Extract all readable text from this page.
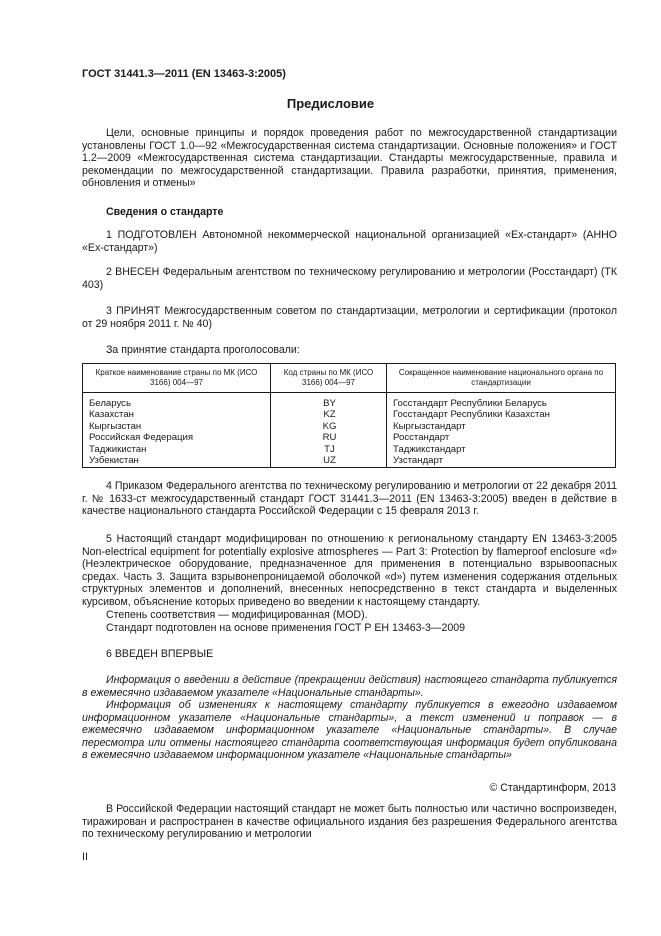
ГОСТ 31441.3—2011 (EN 13463-3:2005)
Предисловие
Цели, основные принципы и порядок проведения работ по межгосударственной стандартизации установлены ГОСТ 1.0—92 «Межгосударственная система стандартизации. Основные положения» и ГОСТ 1.2—2009 «Межгосударственная система стандартизации. Стандарты межгосударственные, правила и рекомендации по межгосударственной стандартизации. Правила разработки, принятия, применения, обновления и отмены»
Сведения о стандарте
1 ПОДГОТОВЛЕН Автономной некоммерческой национальной организацией «Ех-стандарт» (АННО «Ех-стандарт»)
2 ВНЕСЕН Федеральным агентством по техническому регулированию и метрологии (Росстандарт) (ТК 403)
3 ПРИНЯТ Межгосударственным советом по стандартизации, метрологии и сертификации (протокол от 29 ноября 2011 г. № 40)
За принятие стандарта проголосовали:
Краткое наименование страны по МК (ИСО 3166) 004—97	Код страны по МК (ИСО 3166) 004—97	Сокращенное наименование национального органа по стандартизации
Беларусь	BY	Госстандарт Республики Беларусь
Казахстан	KZ	Госстандарт Республики Казахстан
Кыргызстан	KG	Кыргызстандарт
Российская Федерация	RU	Росстандарт
Таджикистан	TJ	Таджикстандарт
Узбекистан	UZ	Узстандарт
4 Приказом Федерального агентства по техническому регулированию и метрологии от 22 декабря 2011 г. № 1633-ст межгосударственный стандарт ГОСТ 31441.3—2011 (EN 13463-3:2005) введен в действие в качестве национального стандарта Российской Федерации с 15 февраля 2013 г.
5 Настоящий стандарт модифицирован по отношению к региональному стандарту EN 13463-3:2005 Non-electrical equipment for potentially explosive atmospheres — Part 3: Protection by flameproof enclosure «d» (Неэлектрическое оборудование, предназначенное для применения в потенциально взрывоопасных средах. Часть 3. Защита взрывонепроницаемой оболочкой «d») путем изменения содержания отдельных структурных элементов и дополнений, внесенных непосредственно в текст стандарта и выделенных курсивом, объяснение которых приведено во введении к настоящему стандарту.
Степень соответствия — модифицированная (MOD).
Стандарт подготовлен на основе применения ГОСТ Р ЕН 13463-3—2009
6 ВВЕДЕН ВПЕРВЫЕ
Информация о введении в действие (прекращении действия) настоящего стандарта публикуется в ежемесячно издаваемом указателе «Национальные стандарты».
Информация об изменениях к настоящему стандарту публикуется в ежегодно издаваемом информационном указателе «Национальные стандарты», а текст изменений и поправок — в ежемесячно издаваемом информационном указателе «Национальные стандарты». В случае пересмотра или отмены настоящего стандарта соответствующая информация будет опубликована в ежемесячно издаваемом информационном указателе «Национальные стандарты»
© Стандартинформ, 2013
В Российской Федерации настоящий стандарт не может быть полностью или частично воспроизведен, тиражирован и распространен в качестве официального издания без разрешения Федерального агентства по техническому регулированию и метрологии
II
